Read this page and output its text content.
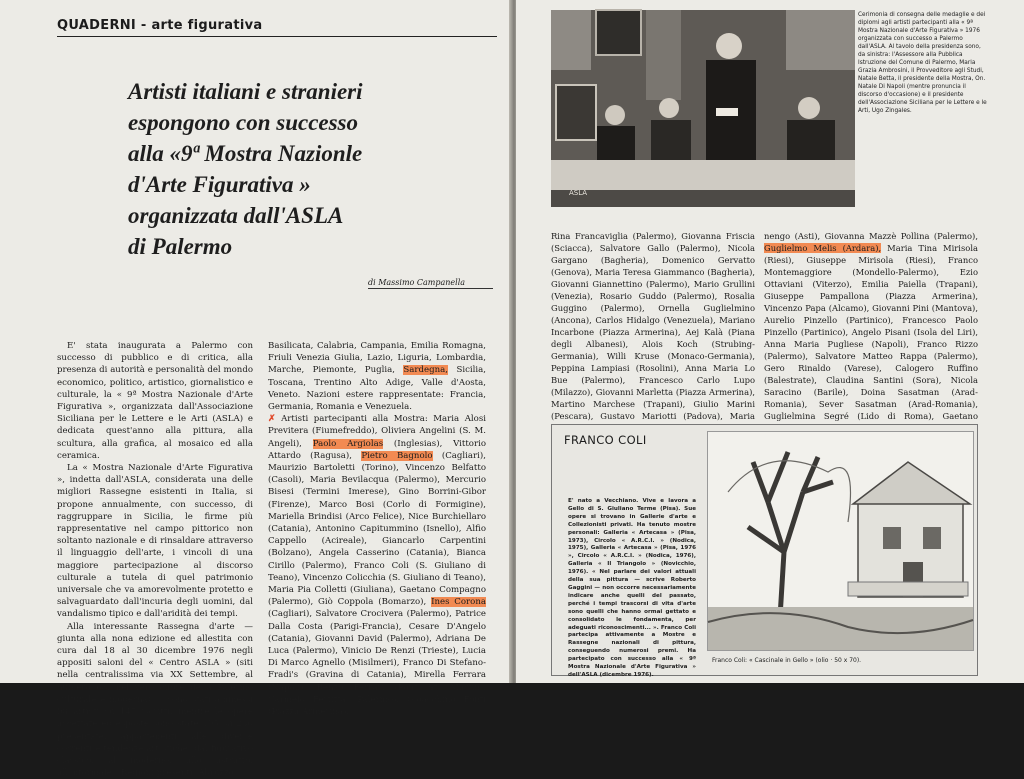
QUADERNI - arte figurativa
Artisti italiani e stranieri
espongono con successo
alla «9ª Mostra Nazionle
d'Arte Figurativa »
organizzata dall'ASLA
di Palermo
di Massimo Campanella

E' stata inaugurata a Palermo con successo di pubblico e di critica, alla presenza di autorità e personalità del mondo economico, politico, artistico, giornalistico e culturale, la « 9ª Mostra Nazionale d'Arte Figurativa », organizzata dall'Associazione Siciliana per le Lettere e le Arti (ASLA) e dedicata quest'anno alla pittura, alla scultura, alla grafica, al mosaico ed alla ceramica.

La « Mostra Nazionale d'Arte Figurativa », indetta dall'ASLA, considerata una delle migliori Rassegne esistenti in Italia, si propone annualmente, con successo, di raggruppare in Sicilia, le firme più rappresentative nel campo pittorico non soltanto nazionale e di rinsaldare attraverso il linguaggio dell'arte, i vincoli di una maggiore partecipazione al discorso culturale a tutela di quel patrimonio universale che va amorevolmente protetto e salvaguardato dall'incuria degli uomini, dal vandalismo tipico e dall'aridità dei tempi.

Alla interessante Rassegna d'arte — giunta alla nona edizione ed allestita con cura dal 18 al 30 dicembre 1976 negli appositi saloni del « Centro ASLA » (siti nella centralissima via XX Settembre, al numero 68, nel vero cuore della Palermo culturale e moderna) — sono stati ammessi 98 artisti su 145 iscritti; mentre le opere accettate ed esposte sono state 195 su 236 presentate, appartenenti alle diverse correnti e tendenze artistiche (dal figurativo classico, al moderno, allo astratto, all'informale). Regioni presenti: Abruzzo,

Basilicata, Calabria, Campania, Emilia Romagna, Friuli Venezia Giulia, Lazio, Liguria, Lombardia, Marche, Piemonte, Puglia, Sardegna, Sicilia, Toscana, Trentino Alto Adige, Valle d'Aosta, Veneto. Nazioni estere rappresentate: Francia, Germania, Romania e Venezuela.
✗ Artisti partecipanti alla Mostra: Maria Alosi Previtera (Fiumefreddo), Oliviera Angelini (S. M. Angeli), Paolo Argiolas (Inglesias), Vittorio Attardo (Ragusa), Pietro Bagnolo (Cagliari), Maurizio Bartoletti (Torino), Vincenzo Belfatto (Casoli), Maria Bevilacqua (Palermo), Mercurio Bisesi (Termini Imerese), Gino Borrini-Gibor (Firenze), Marco Bosi (Corlo di Formigine), Mariella Brindisi (Arco Felice), Nice Burchiellaro (Catania), Antonino Capitummino (Isnello), Alfio Cappello (Acireale), Giancarlo Carpentini (Bolzano), Angela Casserino (Catania), Bianca Cirillo (Palermo), Franco Coli (S. Giuliano di Teano), Vincenzo Colicchia (S. Giuliano di Teano), Maria Pia Colletti (Giuliana), Gaetano Compagno (Palermo), Giò Coppola (Bomarzo), Ines Corona (Cagliari), Salvatore Crocivera (Palermo), Patrice Dalla Costa (Parigi-Francia), Cesare D'Angelo (Catania), Giovanni David (Palermo), Adriana De Luca (Palermo), Vinicio De Renzi (Trieste), Lucia Di Marco Agnello (Misilmeri), Franco Di Stefano-Fradi's (Gravina di Catania), Mirella Ferrara (Napoli), Renzo Ferrari (Pont St. Martin), Carmelo Fertitta (Palermo), Gioacchino Fonti (Piazza Armerina),
ASLA
Cerimonia di consegna delle medaglie e dei diplomi agli artisti partecipanti alla « 9ª Mostra Nazionale d'Arte Figurativa » 1976 organizzata con successo a Palermo dall'ASLA. Al tavolo della presidenza sono, da sinistra: l'Assessore alla Pubblica Istruzione del Comune di Palermo, Maria Grazia Ambrosini, il Provveditore agli Studi, Natale Betta, il presidente della Mostra, On. Natale Di Napoli (mentre pronuncia il discorso d'occasione) e il presidente dell'Associazione Siciliana per le Lettere e le Arti, Ugo Zingales.
Rina Francaviglia (Palermo), Giovanna Friscia (Sciacca), Salvatore Gallo (Palermo), Nicola Gargano (Bagheria), Domenico Gervatto (Genova), Maria Teresa Giammanco (Bagheria), Giovanni Giannettino (Palermo), Mario Grullini (Venezia), Rosario Guddo (Palermo), Rosalia Guggino (Palermo), Ornella Guglielmino (Ancona), Carlos Hidalgo (Venezuela), Mariano Incarbone (Piazza Armerina), Aej Kalà (Piana degli Albanesi), Alois Koch (Strubing-Germania), Willi Kruse (Monaco-Germania), Peppina Lampiasi (Rosolini), Anna Maria Lo Bue (Palermo), Francesco Carlo Lupo (Milazzo), Giovanni Marletta (Piazza Armerina), Martino Marchese (Trapani), Giulio Marini (Pescara), Gustavo Mariotti (Padova), Maria
nengo (Asti), Giovanna Mazzè Pollina (Palermo), Guglielmo Melis (Ardara), Maria Tina Mirisola (Riesi), Giuseppe Mirisola (Riesi), Franco Montemaggiore (Mondello-Palermo), Ezio Ottaviani (Viterzo), Emilia Paiella (Trapani), Giuseppe Pampallona (Piazza Armerina), Vincenzo Papa (Alcamo), Giovanni Pini (Mantova), Aurelio Pinzello (Partinico), Francesco Paolo Pinzello (Partinico), Angelo Pisani (Isola del Liri), Anna Maria Pugliese (Napoli), Franco Rizzo (Palermo), Salvatore Matteo Rappa (Palermo), Gero Rinaldo (Varese), Calogero Ruffino (Balestrate), Claudina Santini (Sora), Nicola Saracino (Barile), Doina Sasatman (Arad-Romania), Sever Sasatman (Arad-Romania), Guglielmina Segré (Lido di Roma), Gaetano
FRANCO COLI
E' nato a Vecchiano. Vive e lavora a Gello di S. Giuliano Terme (Pisa). Sue opere si trovano in Gallerie d'arte e Collezionisti privati. Ha tenuto mostre personali: Galleria « Artecasa » (Pisa, 1973), Circolo « A.R.C.I. » (Nodica, 1975), Galleria « Artecasa » (Pisa, 1976 », Circolo « A.R.C.I. » (Nodica, 1976), Galleria « Il Triangolo » (Novicchio, 1976). « Nel parlare dei valori attuali della sua pittura — scrive Roberto Gaggini — non occorre necessariamente indicare anche quelli del passato, perché i tempi trascorsi di vita d'arte sono quelli che hanno ormai gettato e consolidato le fondamenta, per adeguati riconoscimenti... ». Franco Coli partecipa attivamente a Mostre e Rassegne nazionali di pittura, conseguendo numerosi premi. Ha partecipato con successo alla « 9ª Mostra Nazionale d'Arte Figurativa » dell'ASLA (dicembre 1976).
Franco Coli: « Cascinale in Gello » (olio · 50 x 70).
